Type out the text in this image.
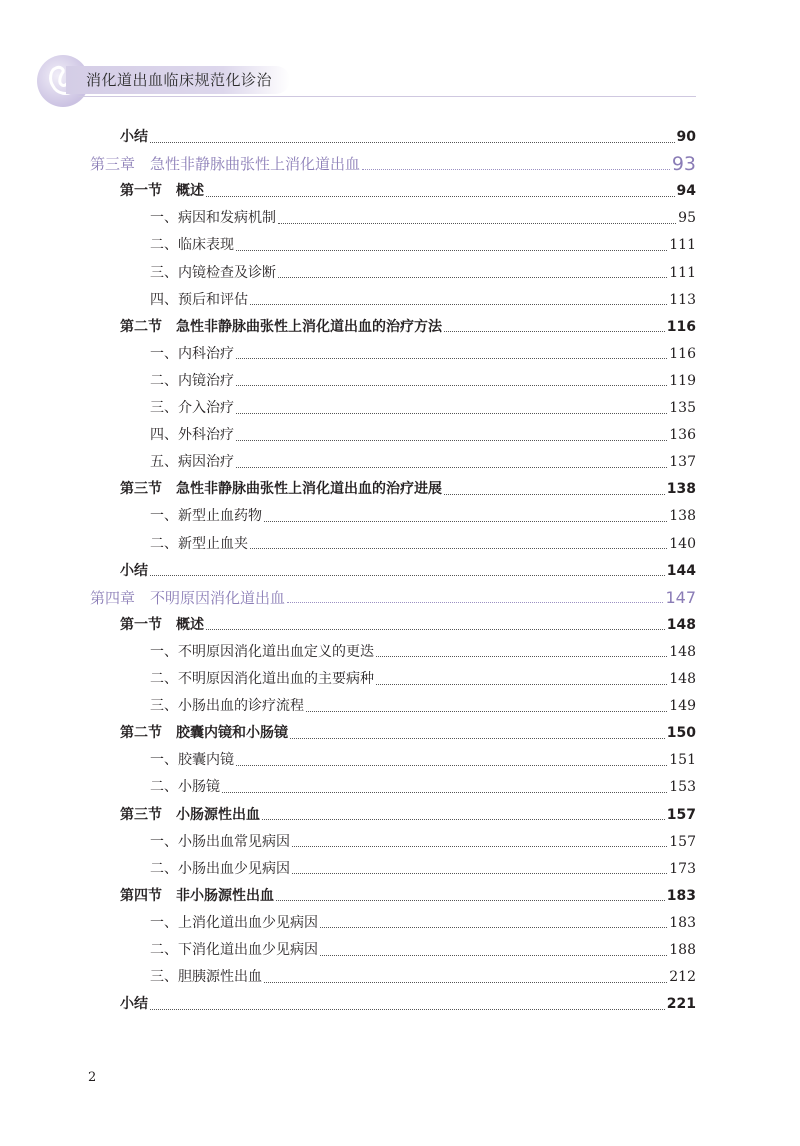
消化道出血临床规范化诊治
小结	90
第三章　急性非静脉曲张性上消化道出血	93
第一节　概述	94
一、病因和发病机制	95
二、临床表现	111
三、内镜检查及诊断	111
四、预后和评估	113
第二节　急性非静脉曲张性上消化道出血的治疗方法	116
一、内科治疗	116
二、内镜治疗	119
三、介入治疗	135
四、外科治疗	136
五、病因治疗	137
第三节　急性非静脉曲张性上消化道出血的治疗进展	138
一、新型止血药物	138
二、新型止血夹	140
小结	144
第四章　不明原因消化道出血	147
第一节　概述	148
一、不明原因消化道出血定义的更迭	148
二、不明原因消化道出血的主要病种	148
三、小肠出血的诊疗流程	149
第二节　胶囊内镜和小肠镜	150
一、胶囊内镜	151
二、小肠镜	153
第三节　小肠源性出血	157
一、小肠出血常见病因	157
二、小肠出血少见病因	173
第四节　非小肠源性出血	183
一、上消化道出血少见病因	183
二、下消化道出血少见病因	188
三、胆胰源性出血	212
小结	221
2
